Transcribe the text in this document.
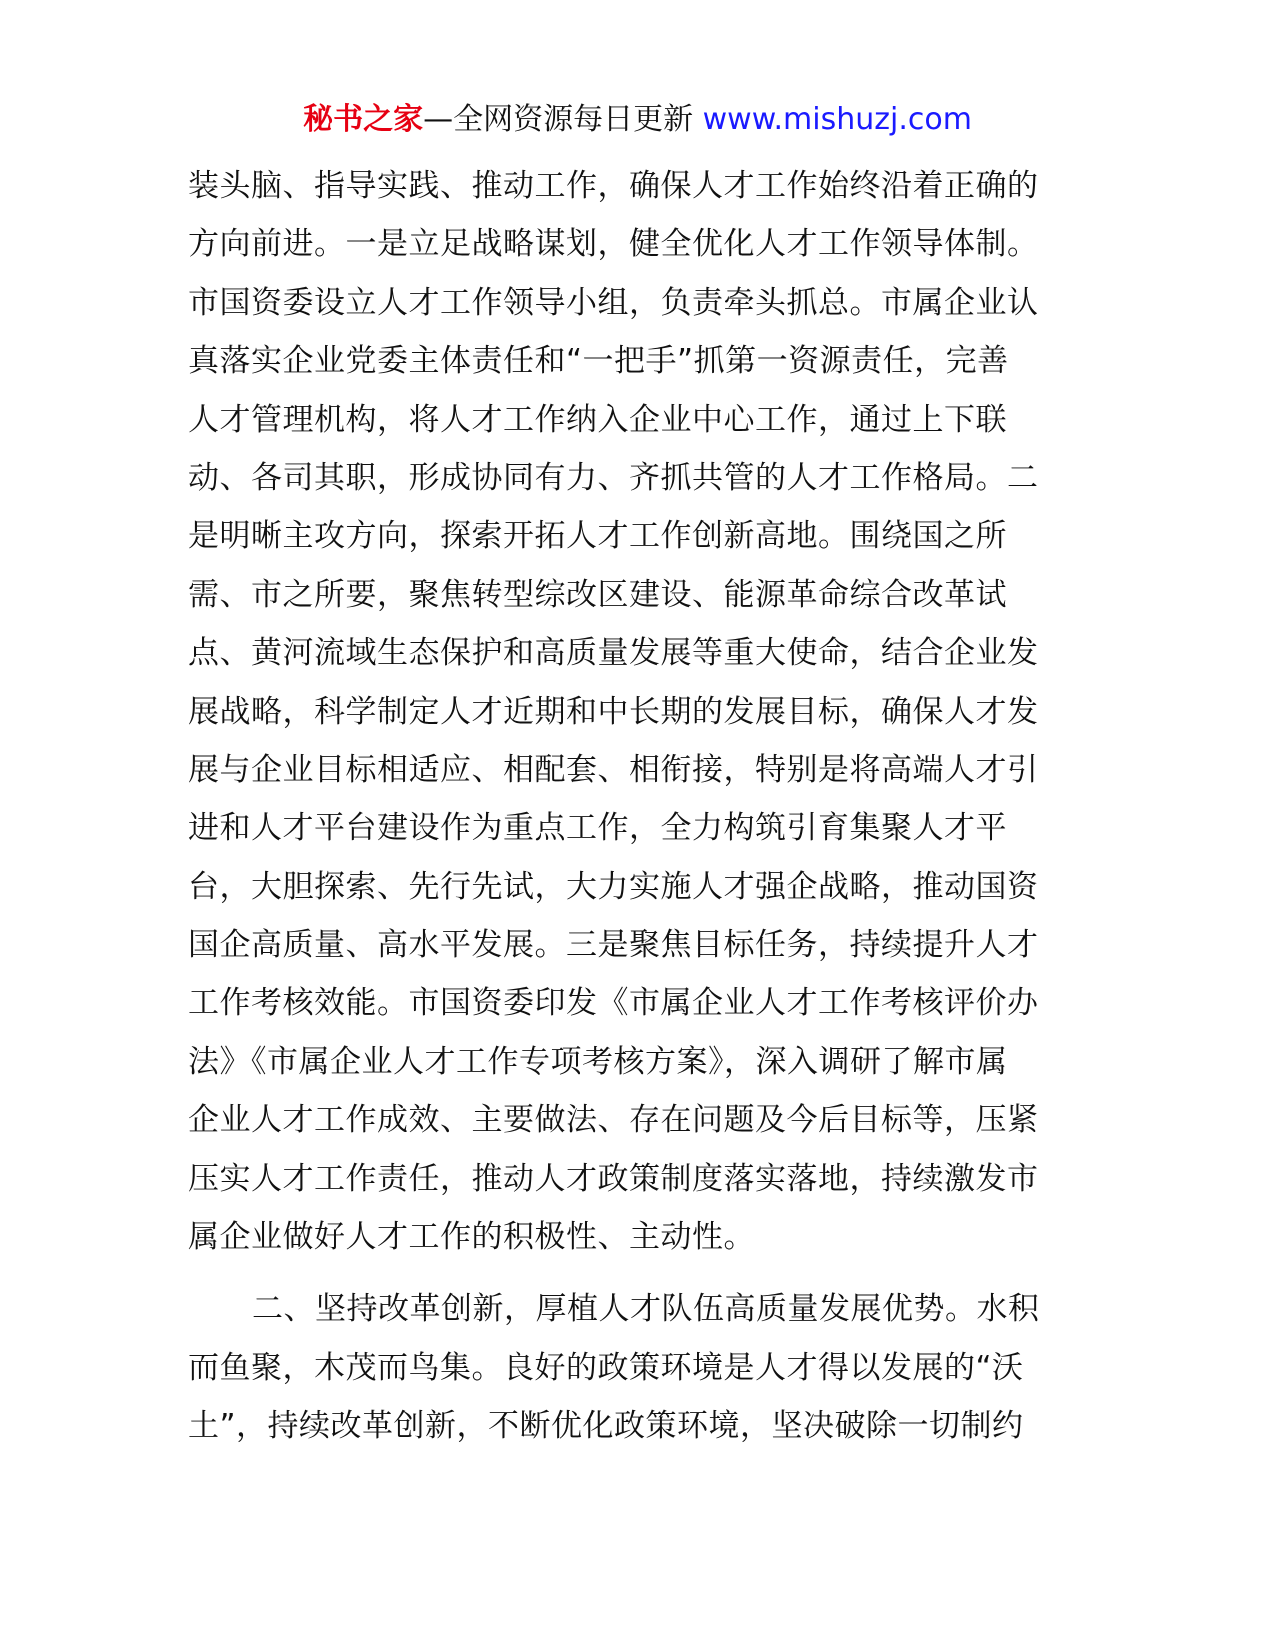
秘书之家—全网资源每日更新 www.mishuzj.com
装头脑、指导实践、推动工作，确保人才工作始终沿着正确的
方向前进。一是立足战略谋划，健全优化人才工作领导体制。
市国资委设立人才工作领导小组，负责牵头抓总。市属企业认
真落实企业党委主体责任和“一把手”抓第一资源责任，完善
人才管理机构，将人才工作纳入企业中心工作，通过上下联
动、各司其职，形成协同有力、齐抓共管的人才工作格局。二
是明晰主攻方向，探索开拓人才工作创新高地。围绕国之所
需、市之所要，聚焦转型综改区建设、能源革命综合改革试
点、黄河流域生态保护和高质量发展等重大使命，结合企业发
展战略，科学制定人才近期和中长期的发展目标，确保人才发
展与企业目标相适应、相配套、相衔接，特别是将高端人才引
进和人才平台建设作为重点工作，全力构筑引育集聚人才平
台，大胆探索、先行先试，大力实施人才强企战略，推动国资
国企高质量、高水平发展。三是聚焦目标任务，持续提升人才
工作考核效能。市国资委印发《市属企业人才工作考核评价办
法》《市属企业人才工作专项考核方案》，深入调研了解市属
企业人才工作成效、主要做法、存在问题及今后目标等，压紧
压实人才工作责任，推动人才政策制度落实落地，持续激发市
属企业做好人才工作的积极性、主动性。
二、坚持改革创新，厚植人才队伍高质量发展优势。水积
而鱼聚，木茂而鸟集。良好的政策环境是人才得以发展的“沃
土”，持续改革创新，不断优化政策环境，坚决破除一切制约
